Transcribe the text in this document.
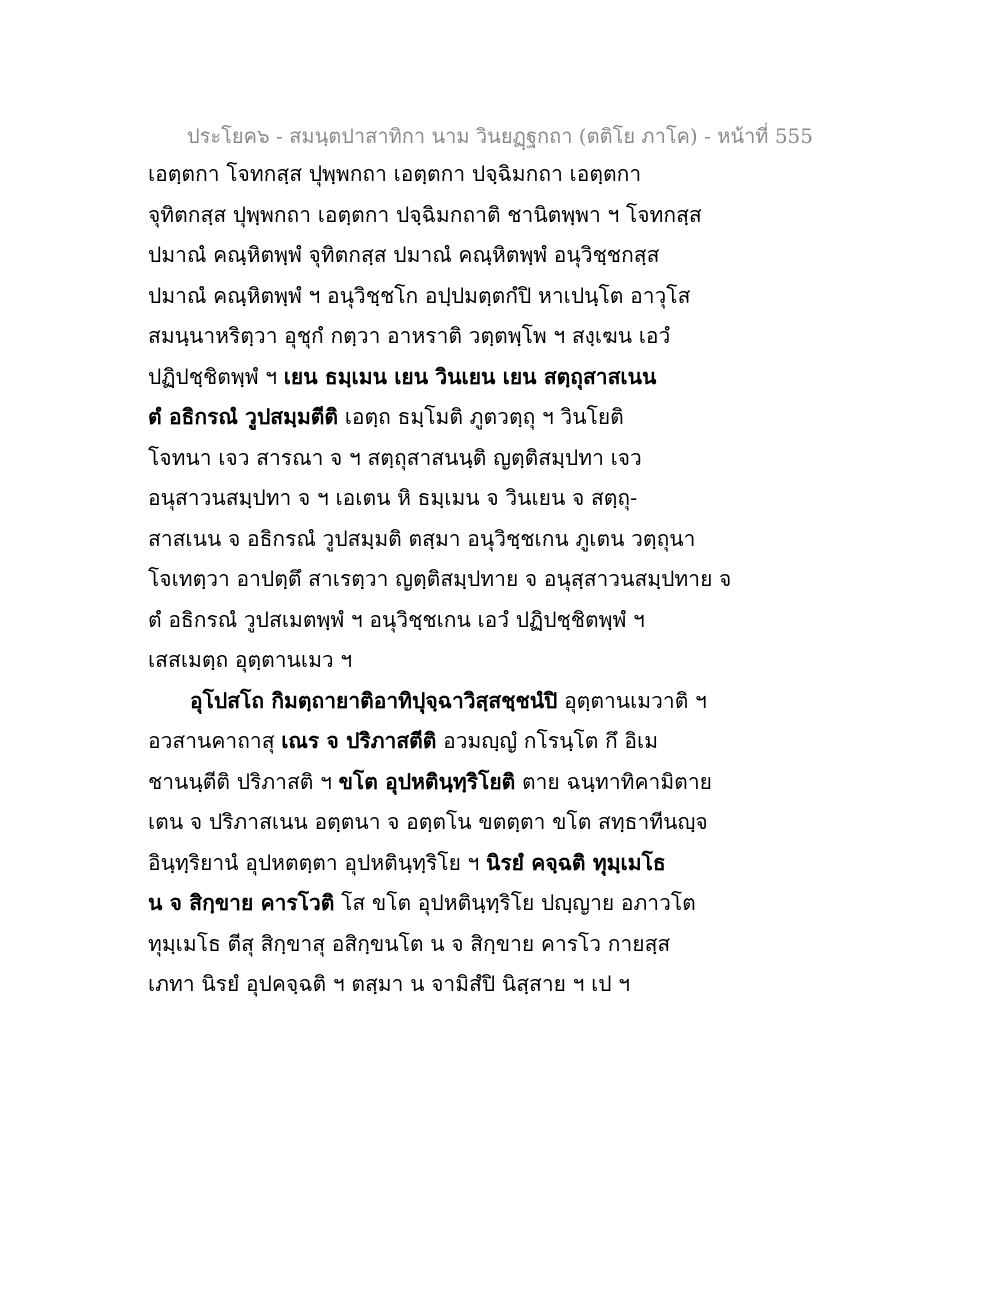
ประโยค๖ - สมนฺตปาสาทิกา นาม วินยฏฺฐกถา (ตติโย ภาโค) - หน้าที่ 555
เอตฺตกา โจทกสฺส ปุพฺพกถา เอตฺตกา ปจฺฉิมกถา เอตฺตกา
จุทิตกสฺส ปุพฺพกถา เอตฺตกา ปจฺฉิมกถาติ ชานิตพฺพา ฯ โจทกสฺส
ปมาณํ คณฺหิตพฺพํ จุทิตกสฺส ปมาณํ คณฺหิตพฺพํ อนุวิชฺชกสฺส
ปมาณํ คณฺหิตพฺพํ ฯ อนุวิชฺชโก อปฺปมตฺตกํปิ หาเปนฺโต อาวุโส
สมนฺนาหริตฺวา อุชุกํ กตฺวา อาหราติ วตฺตพฺโพ ฯ สงฺเฆน เอวํ
ปฏิปชฺชิตพฺพํ ฯ เยน ธมฺเมน เยน วินเยน เยน สตฺถุสาสเนน
ตํ อธิกรณํ วูปสมฺมตีติ เอตฺถ ธมฺโมติ ภูตวตฺถุ ฯ วินโยติ
โจทนา เจว สารณา จ ฯ สตฺถุสาสนนฺติ ญตฺติสมฺปทา เจว
อนุสาวนสมฺปทา จ ฯ เอเตน หิ ธมฺเมน จ วินเยน จ สตฺถุ-
สาสเนน จ อธิกรณํ วูปสมฺมติ ตสฺมา อนุวิชฺชเกน ภูเตน วตฺถุนา
โจเทตฺวา อาปตฺตึ สาเรตฺวา ญตฺติสมฺปทาย จ อนุสฺสาวนสมฺปทาย จ
ตํ อธิกรณํ วูปสเมตพฺพํ ฯ อนุวิชฺชเกน เอวํ ปฏิปชฺชิตพฺพํ ฯ
เสสเมตฺถ อุตฺตานเมว ฯ
อุโปสโถ กิมตฺถายาติอาทิปุจฺฉาวิสฺสชฺชนํปิ อุตฺตานเมวาติ ฯ
อวสานคาถาสุ เณร จ ปริภาสตีติ อวมญฺญํ กโรนฺโต กึ อิเม
ชานนฺตีติ ปริภาสติ ฯ ขโต อุปหตินฺทฺริโยติ ตาย ฉนฺทาทิคามิตาย
เตน จ ปริภาสเนน อตฺตนา จ อตฺตโน ขตตฺตา ขโต สทฺธาทีนญฺจ
อินฺทฺริยานํ อุปหตตฺตา อุปหตินฺทฺริโย ฯ นิรยํ คจฺฉติ ทุมฺเมโธ
น จ สิกฺขาย คารโวติ โส ขโต อุปหตินฺทฺริโย ปญฺญาย อภาวโต
ทุมฺเมโธ ตีสุ สิกฺขาสุ อสิกฺขนโต น จ สิกฺขาย คารโว กายสฺส
เภทา นิรยํ อุปคจฺฉติ ฯ ตสฺมา น จามิสํปิ นิสฺสาย ฯ เป ฯ
